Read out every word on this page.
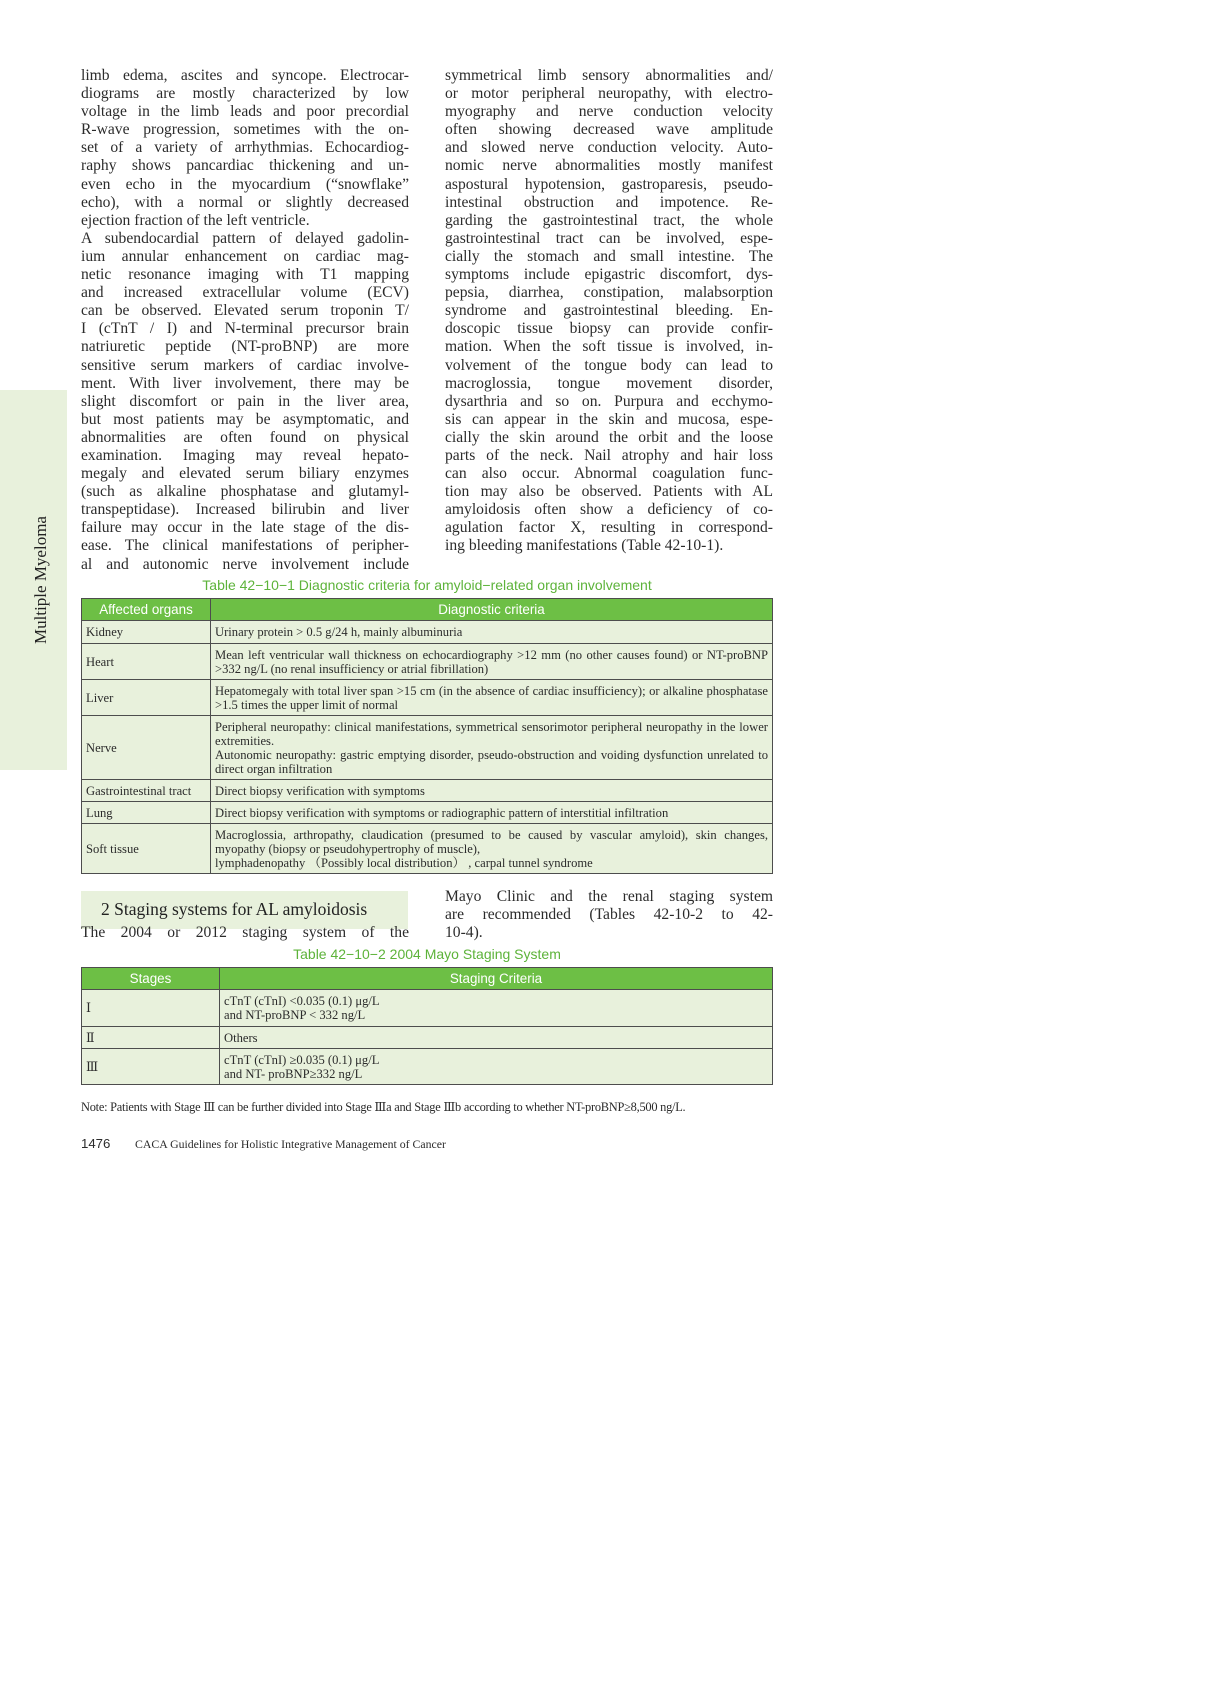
Multiple Myeloma
limb edema, ascites and syncope. Electrocar-
diograms are mostly characterized by low
voltage in the limb leads and poor precordial
R-wave progression, sometimes with the on-
set of a variety of arrhythmias. Echocardiog-
raphy shows pancardiac thickening and un-
even echo in the myocardium (“snowflake”
echo), with a normal or slightly decreased
ejection fraction of the left ventricle.
A subendocardial pattern of delayed gadolin-
ium annular enhancement on cardiac mag-
netic resonance imaging with T1 mapping
and increased extracellular volume (ECV)
can be observed. Elevated serum troponin T/
I (cTnT / I) and N-terminal precursor brain
natriuretic peptide (NT-proBNP) are more
sensitive serum markers of cardiac involve-
ment. With liver involvement, there may be
slight discomfort or pain in the liver area,
but most patients may be asymptomatic, and
abnormalities are often found on physical
examination. Imaging may reveal hepato-
megaly and elevated serum biliary enzymes
(such as alkaline phosphatase and glutamyl-
transpeptidase). Increased bilirubin and liver
failure may occur in the late stage of the dis-
ease. The clinical manifestations of peripher-
al and autonomic nerve involvement include
symmetrical limb sensory abnormalities and/
or motor peripheral neuropathy, with electro-
myography and nerve conduction velocity
often showing decreased wave amplitude
and slowed nerve conduction velocity. Auto-
nomic nerve abnormalities mostly manifest
aspostural hypotension, gastroparesis, pseudo-
intestinal obstruction and impotence. Re-
garding the gastrointestinal tract, the whole
gastrointestinal tract can be involved, espe-
cially the stomach and small intestine. The
symptoms include epigastric discomfort, dys-
pepsia, diarrhea, constipation, malabsorption
syndrome and gastrointestinal bleeding. En-
doscopic tissue biopsy can provide confir-
mation. When the soft tissue is involved, in-
volvement of the tongue body can lead to
macroglossia, tongue movement disorder,
dysarthria and so on. Purpura and ecchymo-
sis can appear in the skin and mucosa, espe-
cially the skin around the orbit and the loose
parts of the neck. Nail atrophy and hair loss
can also occur. Abnormal coagulation func-
tion may also be observed. Patients with AL
amyloidosis often show a deficiency of co-
agulation factor X, resulting in correspond-
ing bleeding manifestations (Table 42-10-1).
Table 42−10−1 Diagnostic criteria for amyloid−related organ involvement
Affected organs	Diagnostic criteria
Kidney	Urinary protein > 0.5 g/24 h, mainly albuminuria

Heart	Mean left ventricular wall thickness on echocardiography >12 mm (no other causes found) or NT-proBNP >332 ng/L (no renal insufficiency or atrial fibrillation)

Liver	Hepatomegaly with total liver span >15 cm (in the absence of cardiac insufficiency); or alkaline phosphatase >1.5 times the upper limit of normal

Nerve	Peripheral neuropathy: clinical manifestations, symmetrical sensorimotor peripheral neuropathy in the lower extremities.
Autonomic neuropathy: gastric emptying disorder, pseudo-obstruction and voiding dysfunction unrelated to direct organ infiltration

Gastrointestinal tract	Direct biopsy verification with symptoms

Lung	Direct biopsy verification with symptoms or radiographic pattern of interstitial infiltration

Soft tissue	Macroglossia, arthropathy, claudication (presumed to be caused by vascular amyloid), skin changes, myopathy (biopsy or pseudohypertrophy of muscle),
lymphadenopathy （Possibly local distribution） , carpal tunnel syndrome
2 Staging systems for AL amyloidosis
The 2004 or 2012 staging system of the
Mayo Clinic and the renal staging system
are recommended (Tables 42-10-2 to 42-
10-4).
Table 42−10−2 2004 Mayo Staging System
Stages	Staging Criteria
Ⅰ	cTnT (cTnI) <0.035 (0.1) μg/L
and NT-proBNP < 332 ng/L

Ⅱ	Others

Ⅲ	cTnT (cTnI) ≥0.035 (0.1) μg/L
and NT- proBNP≥332 ng/L
Note: Patients with Stage Ⅲ can be further divided into Stage Ⅲa and Stage Ⅲb according to whether NT-proBNP≥8,500 ng/L.
1476 CACA Guidelines for Holistic Integrative Management of Cancer
